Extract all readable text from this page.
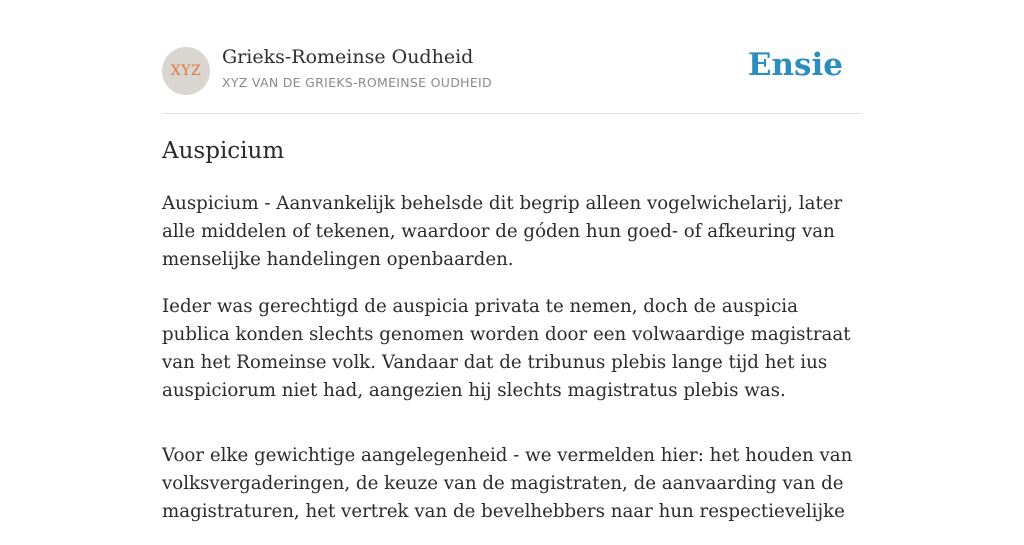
XYZ
Grieks-Romeinse Oudheid
XYZ VAN DE GRIEKS-ROMEINSE OUDHEID	Ensie
Auspicium

Auspicium - Aanvankelijk behelsde dit begrip alleen vogelwichelarij, later alle middelen of tekenen, waardoor de góden hun goed- of afkeuring van menselijke handelingen openbaarden.

Ieder was gerechtigd de auspicia privata te nemen, doch de auspicia publica konden slechts genomen worden door een volwaardige magistraat van het Romeinse volk. Vandaar dat de tribunus plebis lange tijd het ius auspiciorum niet had, aangezien hij slechts magistratus plebis was.

Voor elke gewichtige aangelegenheid - we vermelden hier: het houden van volksvergaderingen, de keuze van de magistraten, de aanvaarding van de magistraturen, het vertrek van de bevelhebbers naar hun respectievelijke
